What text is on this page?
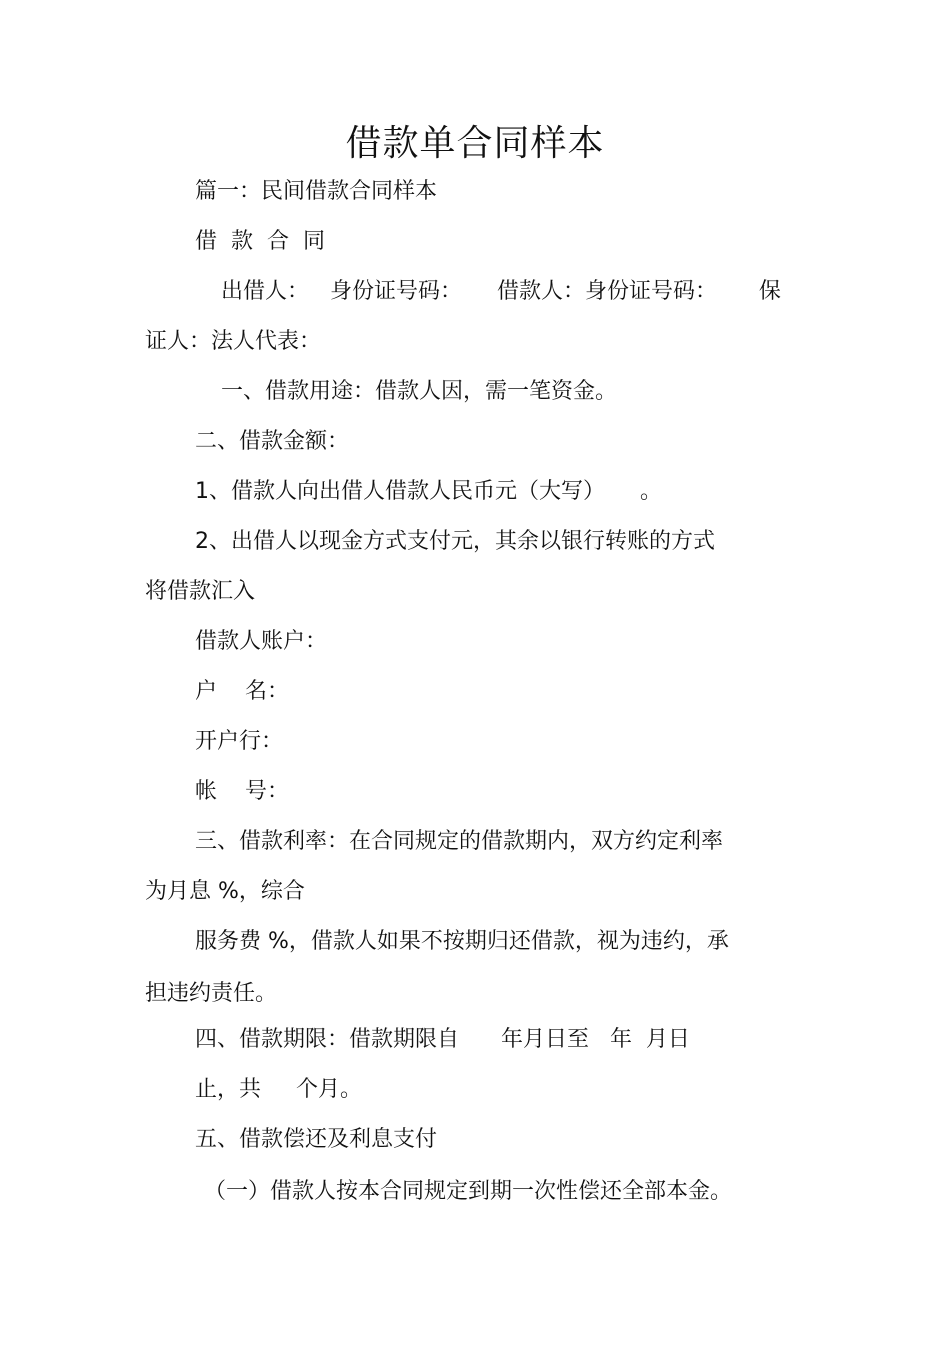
借款单合同样本
篇一：民间借款合同样本
借  款  合  同
出借人：   身份证号码：     借款人：身份证号码：      保
证人：法人代表：
一、借款用途：借款人因，需一笔资金。
二、借款金额：
1、借款人向出借人借款人民币元（大写）     。
2、出借人以现金方式支付元，其余以银行转账的方式
将借款汇入
借款人账户：
户    名：
开户行：
帐    号：
三、借款利率：在合同规定的借款期内，双方约定利率
为月息 %，综合
服务费 %，借款人如果不按期归还借款，视为违约，承
担违约责任。
四、借款期限：借款期限自      年月日至   年  月日
止，共     个月。
五、借款偿还及利息支付
（一）借款人按本合同规定到期一次性偿还全部本金。
